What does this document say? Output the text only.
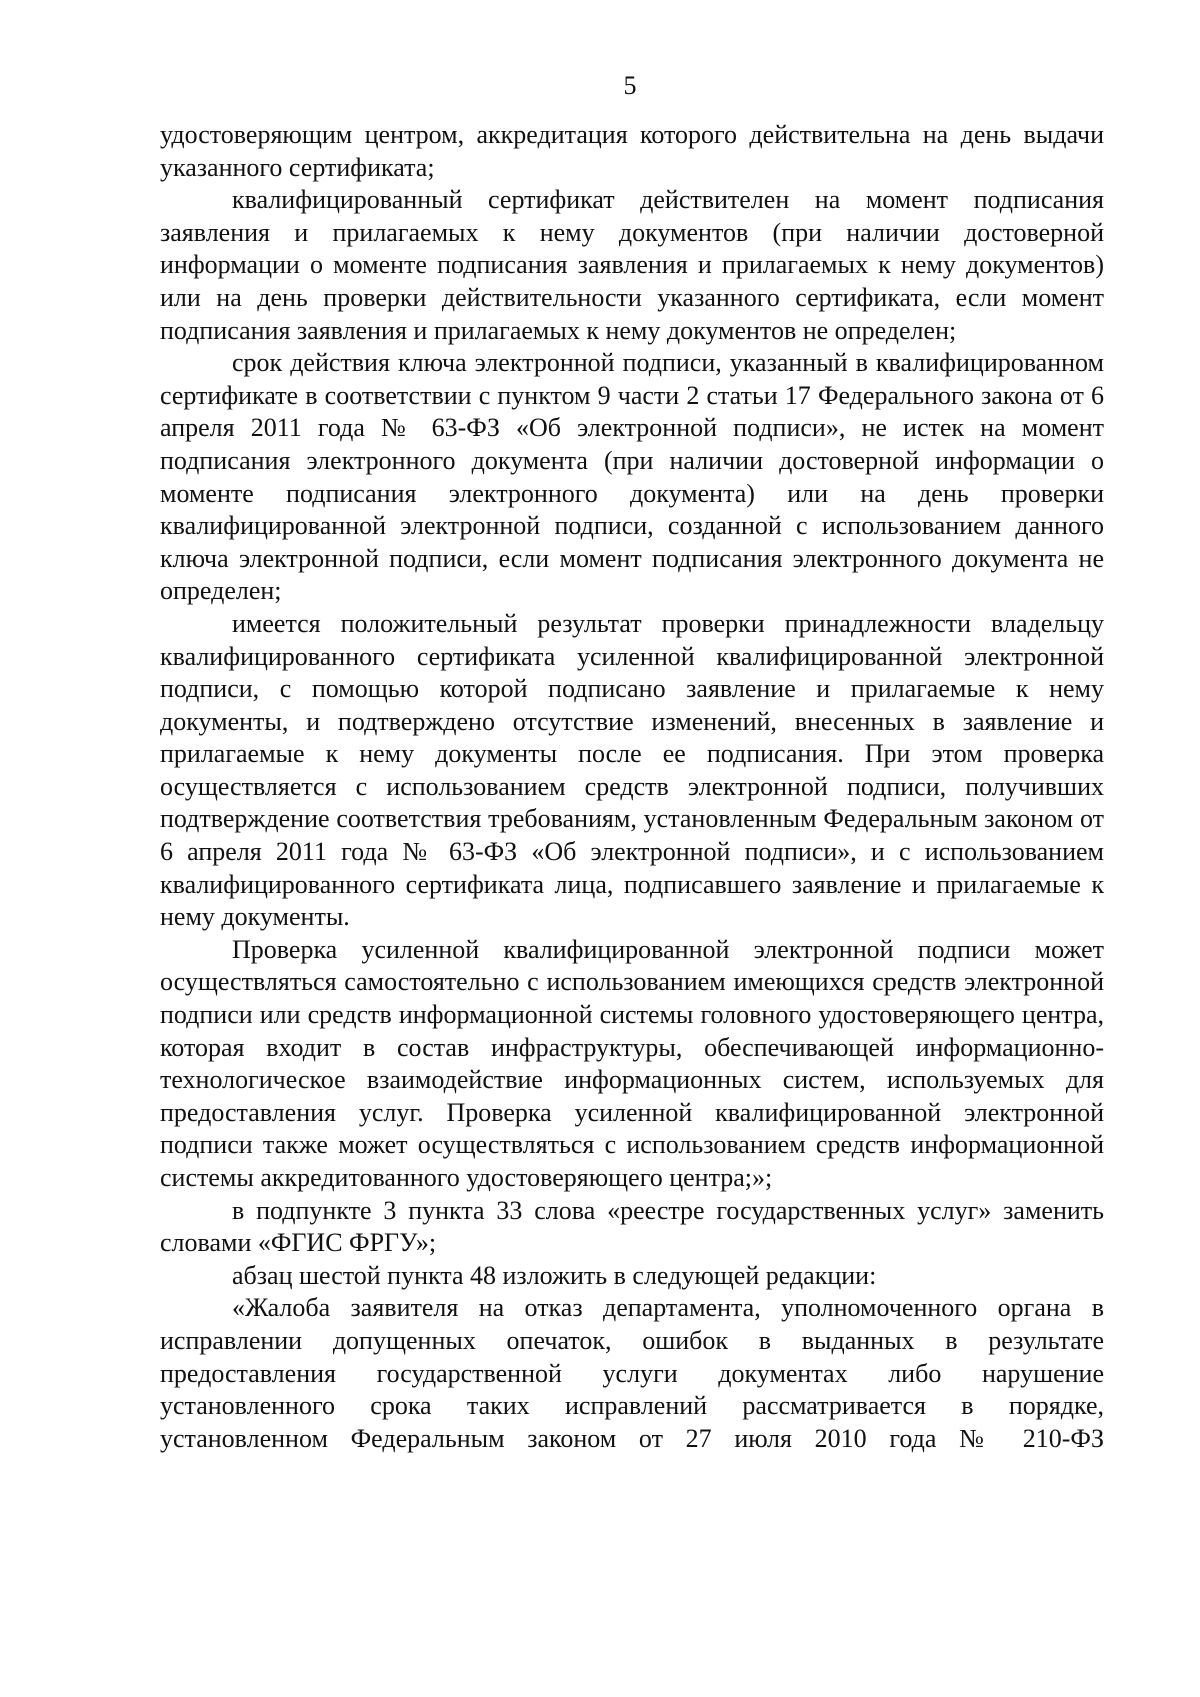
5

удостоверяющим центром, аккредитация которого действительна на день выдачи указанного сертификата;

квалифицированный сертификат действителен на момент подписания заявления и прилагаемых к нему документов (при наличии достоверной информации о моменте подписания заявления и прилагаемых к нему документов) или на день проверки действительности указанного сертификата, если момент подписания заявления и прилагаемых к нему документов не определен;

срок действия ключа электронной подписи, указанный в квалифицированном сертификате в соответствии с пунктом 9 части 2 статьи 17 Федерального закона от 6 апреля 2011 года № 63-ФЗ «Об электронной подписи», не истек на момент подписания электронного документа (при наличии достоверной информации о моменте подписания электронного документа) или на день проверки квалифицированной электронной подписи, созданной с использованием данного ключа электронной подписи, если момент подписания электронного документа не определен;

имеется положительный результат проверки принадлежности владельцу квалифицированного сертификата усиленной квалифицированной электронной подписи, с помощью которой подписано заявление и прилагаемые к нему документы, и подтверждено отсутствие изменений, внесенных в заявление и прилагаемые к нему документы после ее подписания. При этом проверка осуществляется с использованием средств электронной подписи, получивших подтверждение соответствия требованиям, установленным Федеральным законом от 6 апреля 2011 года № 63-ФЗ «Об электронной подписи», и с использованием квалифицированного сертификата лица, подписавшего заявление и прилагаемые к нему документы.

Проверка усиленной квалифицированной электронной подписи может осуществляться самостоятельно с использованием имеющихся средств электронной подписи или средств информационной системы головного удостоверяющего центра, которая входит в состав инфраструктуры, обеспечивающей информационно-технологическое взаимодействие информационных систем, используемых для предоставления услуг. Проверка усиленной квалифицированной электронной подписи также может осуществляться с использованием средств информационной системы аккредитованного удостоверяющего центра;»;

в подпункте 3 пункта 33 слова «реестре государственных услуг» заменить словами «ФГИС ФРГУ»;

абзац шестой пункта 48 изложить в следующей редакции:

«Жалоба заявителя на отказ департамента, уполномоченного органа в исправлении допущенных опечаток, ошибок в выданных в результате предоставления государственной услуги документах либо нарушение установленного срока таких исправлений рассматривается в порядке, установленном Федеральным законом от 27 июля 2010 года № 210-ФЗ
